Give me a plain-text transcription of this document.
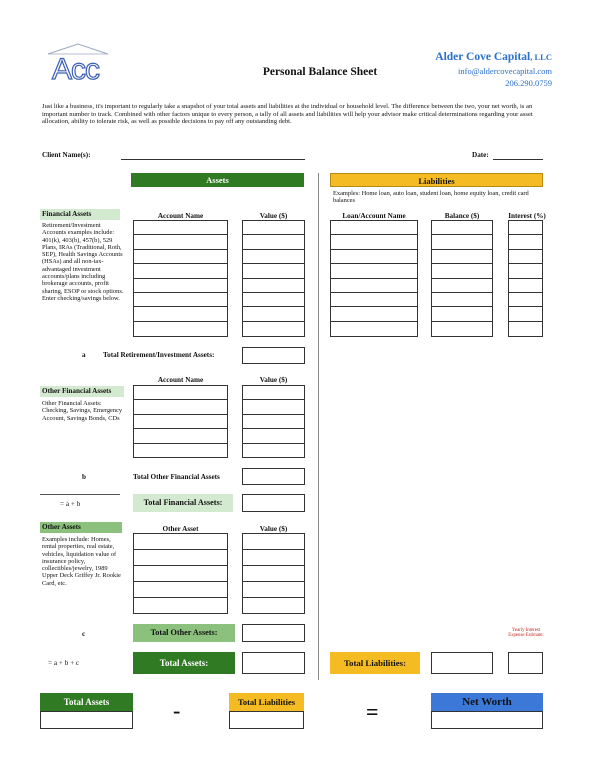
Acc	Personal Balance Sheet
Alder Cove Capital, LLC
info@aldercovecapital.com
206.290.0759
Just like a business, it's important to regularly take a snapshot of your total assets and liabilities at the individual or household level. The difference between the two, your net worth, is an important number to track. Combined with other factors unique to every person, a tally of all assets and liabilities will help your advisor make critical determinations regarding your asset allocation, ability to tolerate risk, as well as possible decisions to pay off any outstanding debt.
Client Name(s):	Date:
Assets	Liabilities
Examples: Home loan, auto loan, student loan, home equity loan, credit card balances
Loan/Account Name	Balance ($)	Interest (%)
Yearly Interest Expense Estimate:
Total Liabilities:
Financial Assets
Retirement/Investment Accounts examples include: 401(k), 403(b), 457(b), 529 Plans, IRAs (Traditional, Roth, SEP), Health Savings Accounts (HSAs) and all non-tax-advantaged investment accounts/plans including brokerage accounts, profit sharing, ESOP or stock options. Enter checking/savings below.
Account Name	Value ($)
a Total Retirement/Investment Assets:
Account Name	Value ($)
Other Financial Assets
Other Financial Assets: Checking, Savings, Emergency Account, Savings Bonds, CDs
b	Total Other Financial Assets
= a + b	Total Financial Assets:
Other Assets	Other Asset	Value ($)
Examples include: Homes, rental properties, real estate, vehicles, liquidation value of insurance policy, collectibles/jewelry, 1989 Upper Deck Griffey Jr. Rookie Card, etc.
c	Total Other Assets:
= a + b + c	Total Assets:
Total Assets	-	Total Liabilities	=	Net Worth
